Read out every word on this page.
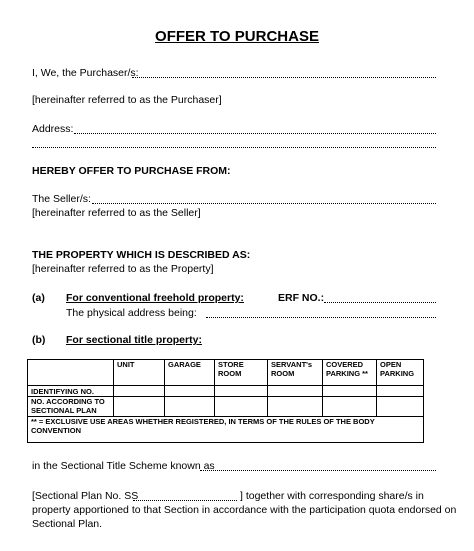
OFFER TO PURCHASE
I, We, the Purchaser/s:
[hereinafter referred to as the Purchaser]
Address:
HEREBY OFFER TO PURCHASE FROM:
The Seller/s:
[hereinafter referred to as the Seller]
THE PROPERTY WHICH IS DESCRIBED AS:
[hereinafter referred to as the Property]
(a) For conventional freehold property:	ERF NO.:
The physical address being:
(b) For sectional title property:
	UNIT	GARAGE	STORE ROOM	SERVANT's ROOM	COVERED PARKING **	OPEN PARKING
IDENTIFYING NO.						
NO. ACCORDING TO SECTIONAL PLAN						
** = EXCLUSIVE USE AREAS WHETHER REGISTERED, IN TERMS OF THE RULES OF THE BODY CONVENTION						
in the Sectional Title Scheme known as
[Sectional Plan No. SS	] together with corresponding share/s in
property apportioned to that Section in accordance with the participation quota endorsed on
Sectional Plan.
